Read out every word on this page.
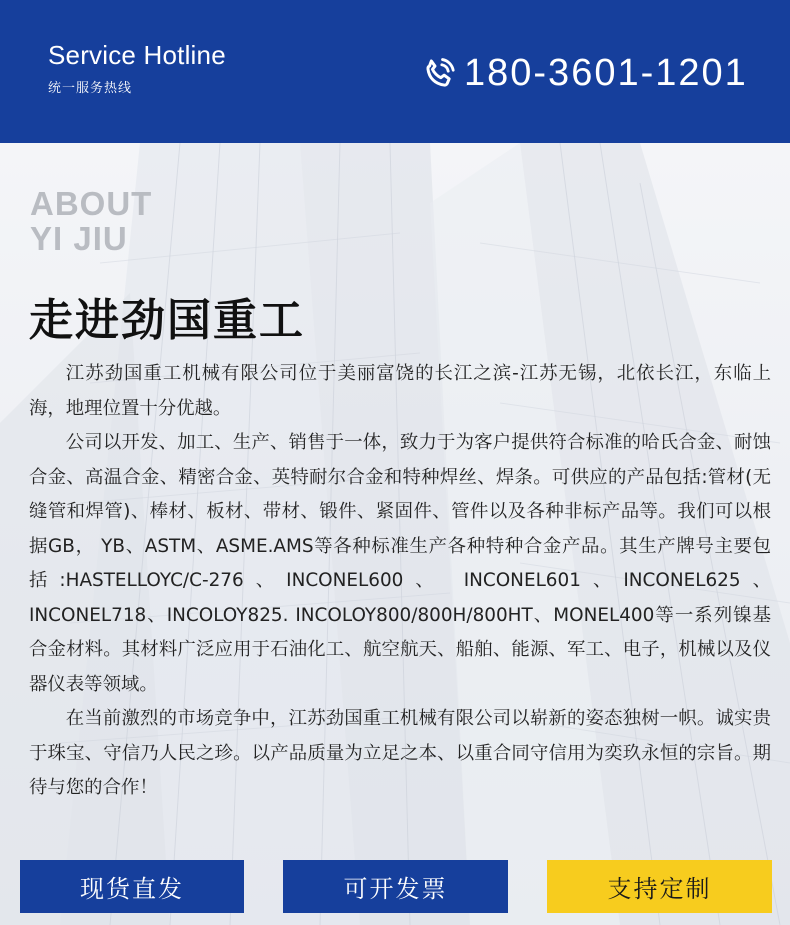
Service Hotline
统一服务热线	180-3601-1201
ABOUT
YI JIU
走进劲国重工

江苏劲国重工机械有限公司位于美丽富饶的长江之滨-江苏无锡，北依长江，东临上海，地理位置十分优越。

公司以开发、加工、生产、销售于一体，致力于为客户提供符合标准的哈氏合金、耐蚀合金、高温合金、精密合金、英特耐尔合金和特种焊丝、焊条。可供应的产品包括:管材(无缝管和焊管)、棒材、板材、带材、锻件、紧固件、管件以及各种非标产品等。我们可以根据GB， YB、ASTM、ASME.AMS等各种标准生产各种特种合金产品。其生产牌号主要包括:HASTELLOYC/C-276、INCONEL600、 INCONEL601、INCONEL625、INCONEL718、INCOLOY825. INCOLOY800/800H/800HT、MONEL400等一系列镍基合金材料。其材料广泛应用于石油化工、航空航天、船舶、能源、军工、电子，机械以及仪器仪表等领域。

在当前激烈的市场竞争中，江苏劲国重工机械有限公司以崭新的姿态独树一帜。诚实贵于珠宝、守信乃人民之珍。以产品质量为立足之本、以重合同守信用为奕玖永恒的宗旨。期待与您的合作！

现货直发	可开发票	支持定制
